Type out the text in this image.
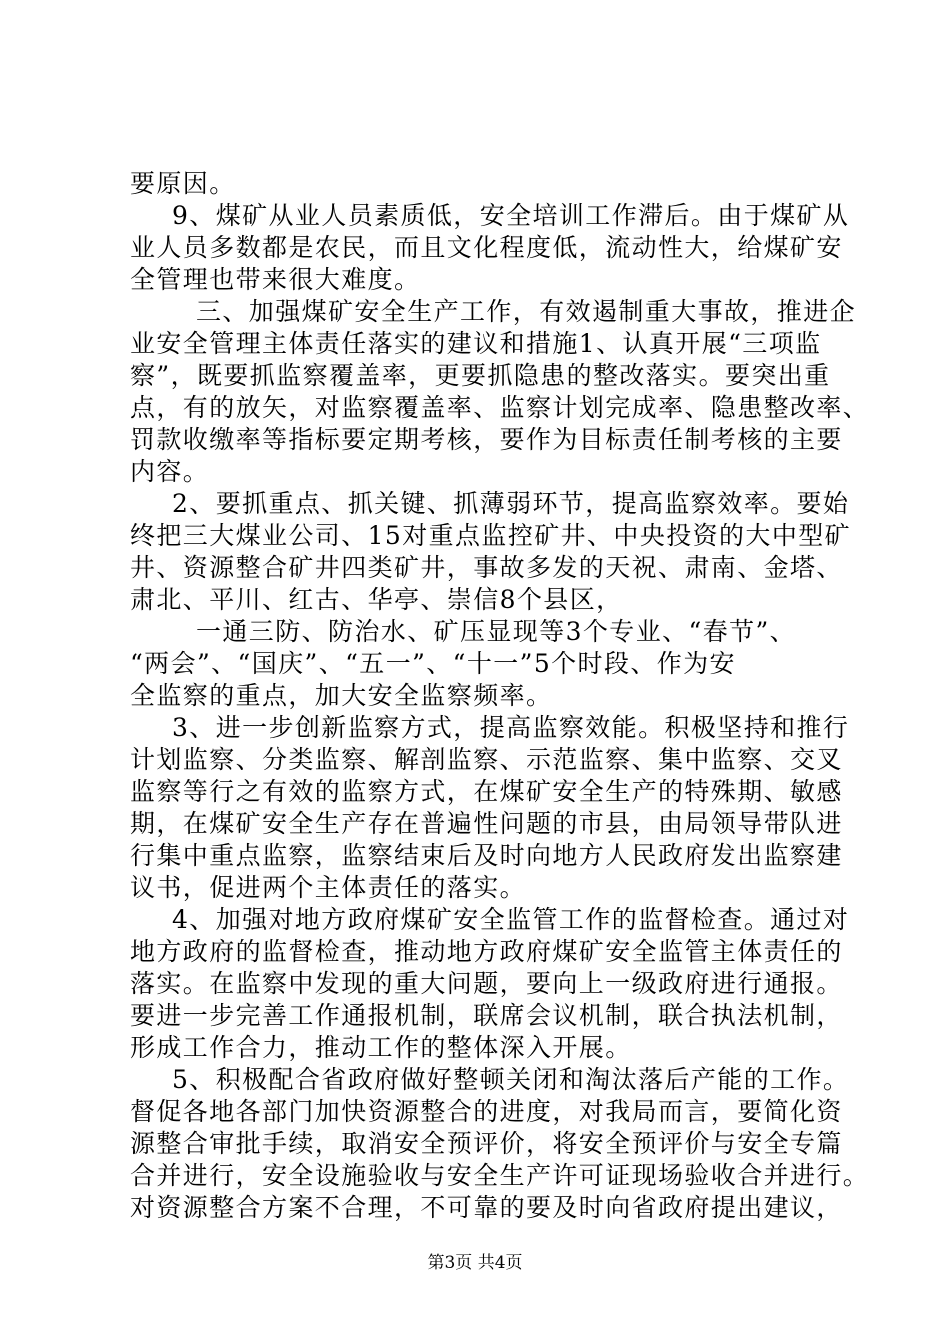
要原因。
9、煤矿从业人员素质低，安全培训工作滞后。由于煤矿从
业人员多数都是农民，而且文化程度低，流动性大，给煤矿安
全管理也带来很大难度。
三、加强煤矿安全生产工作，有效遏制重大事故，推进企
业安全管理主体责任落实的建议和措施1、认真开展“三项监
察”，既要抓监察覆盖率，更要抓隐患的整改落实。要突出重
点，有的放矢，对监察覆盖率、监察计划完成率、隐患整改率、
罚款收缴率等指标要定期考核，要作为目标责任制考核的主要
内容。
2、要抓重点、抓关键、抓薄弱环节，提高监察效率。要始
终把三大煤业公司、15对重点监控矿井、中央投资的大中型矿
井、资源整合矿井四类矿井，事故多发的天祝、肃南、金塔、
肃北、平川、红古、华亭、崇信8个县区，
一通三防、防治水、矿压显现等3个专业、“春节”、
“两会”、“国庆”、“五一”、“十一”5个时段、作为安
全监察的重点，加大安全监察频率。
3、进一步创新监察方式，提高监察效能。积极坚持和推行
计划监察、分类监察、解剖监察、示范监察、集中监察、交叉
监察等行之有效的监察方式，在煤矿安全生产的特殊期、敏感
期，在煤矿安全生产存在普遍性问题的市县，由局领导带队进
行集中重点监察，监察结束后及时向地方人民政府发出监察建
议书，促进两个主体责任的落实。
4、加强对地方政府煤矿安全监管工作的监督检查。通过对
地方政府的监督检查，推动地方政府煤矿安全监管主体责任的
落实。在监察中发现的重大问题，要向上一级政府进行通报。
要进一步完善工作通报机制，联席会议机制，联合执法机制，
形成工作合力，推动工作的整体深入开展。
5、积极配合省政府做好整顿关闭和淘汰落后产能的工作。
督促各地各部门加快资源整合的进度，对我局而言，要简化资
源整合审批手续，取消安全预评价，将安全预评价与安全专篇
合并进行，安全设施验收与安全生产许可证现场验收合并进行。
对资源整合方案不合理，不可靠的要及时向省政府提出建议，
第3页 共4页
